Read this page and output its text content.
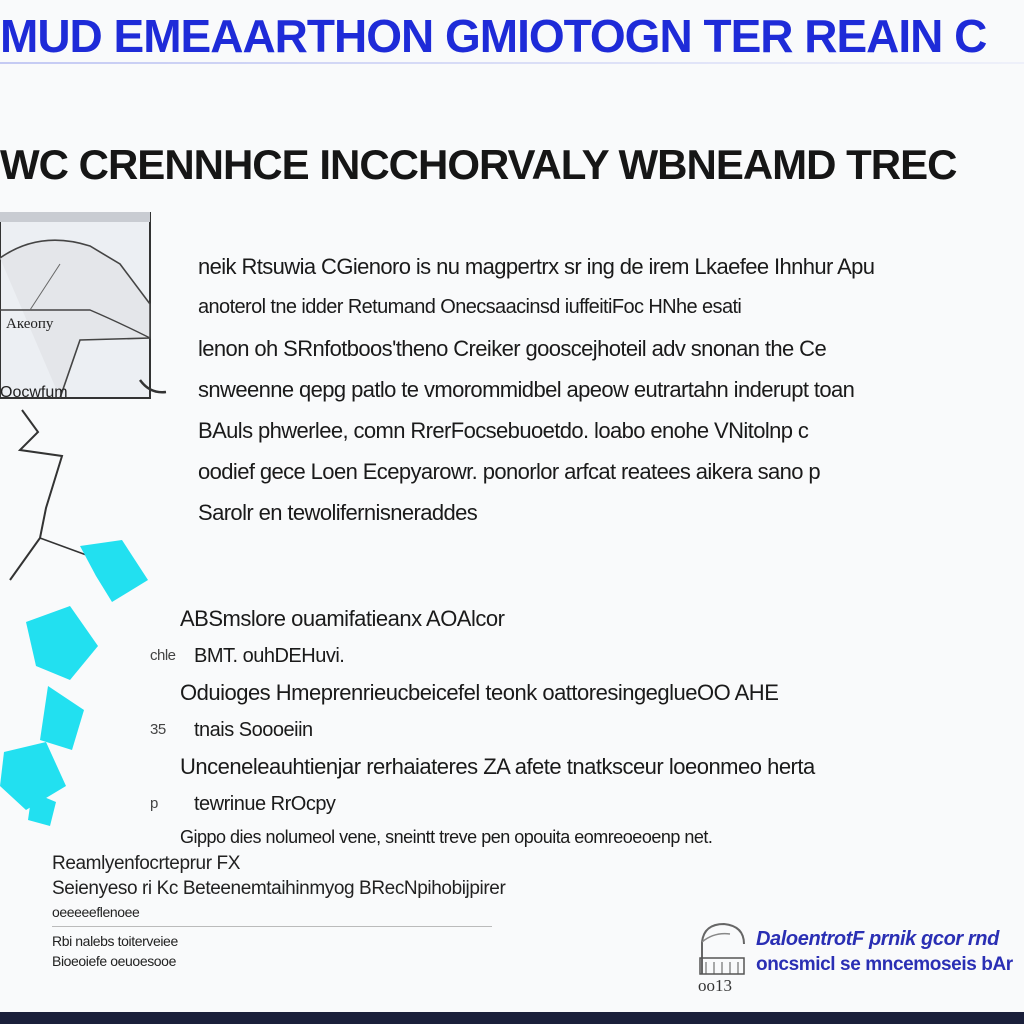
MUD EMEAARTHON GMIOTOGN TER REAIN C
WC CRENNHCE INCCHORVALY WBNEAMD TREC
Aкеопу
Oocwfum
neik Rtsuwia CGienoro is nu magpertrx sr ing de irem Lkaefee Ihnhur Apu
anoterol tne idder Retumand Onecsaacinsd iuffeitiFoc HNhe esati
lenon oh SRnfotboos'theno Creiker gooscejhoteil adv snonan the Ce
snweenne qepg patlo te vmorommidbel apeow eutrartahn inderupt toan
BAuls phwerlee, comn RrerFocsebuoetdo. loabo enohe VNitolnp c
oodief gece Loen Ecepyarowr. ponorlor arfcat reatees aikera sano p
Sarolr en tewolifernisneraddes
ABSmslore ouamifatieanx AOAlcor
chle BMT. ouhDEHuvi.
Oduioges Hmeprenrieucbeicefel teonk oattoresingeglueOO AHE
35 tnais Soooeiin
Unceneleauhtienjar rerhaiateres ZA afete tnatksceur loeonmeo herta
p tewrinue RrOcpy
Gippo dies nolumeol vene, sneintt treve pen opouita eomreoeoenp net.
Reamlyenfocrteprur FX
Seienyeso ri Kc Beteenemtaihinmyog BRecNpihobijpirer
oeeeeeflenoee
Rbi nalebs toiterveiee
Bioeoiefe oeuoesooe
oo13
DaloentrotF prnik gcor rnd
oncsmicl se mncemoseis bAr
